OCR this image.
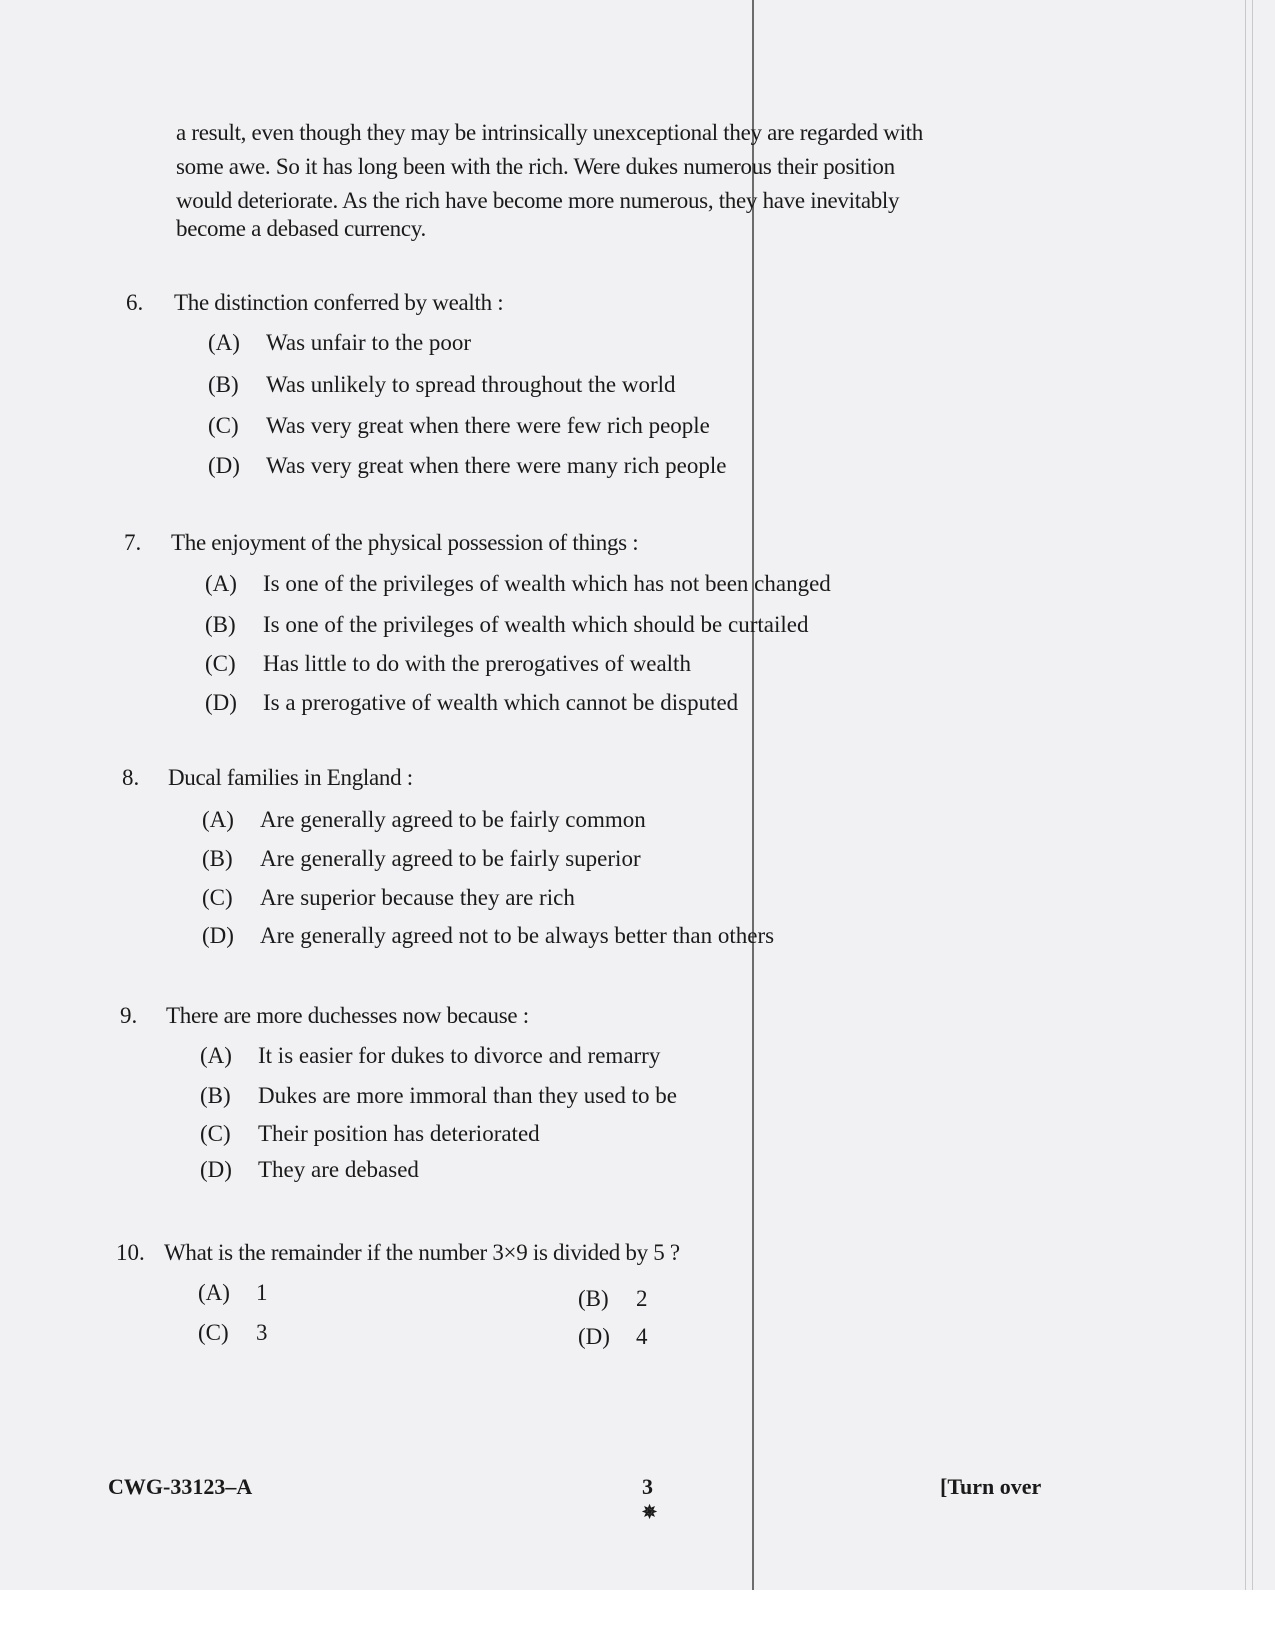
a result, even though they may be intrinsically unexceptional they are regarded with
some awe. So it has long been with the rich. Were dukes numerous their position
would deteriorate. As the rich have become more numerous, they have inevitably
become a debased currency.
6. The distinction conferred by wealth :
(A) Was unfair to the poor
(B) Was unlikely to spread throughout the world
(C) Was very great when there were few rich people
(D) Was very great when there were many rich people
7. The enjoyment of the physical possession of things :
(A) Is one of the privileges of wealth which has not been changed
(B) Is one of the privileges of wealth which should be curtailed
(C) Has little to do with the prerogatives of wealth
(D) Is a prerogative of wealth which cannot be disputed
8. Ducal families in England :
(A) Are generally agreed to be fairly common
(B) Are generally agreed to be fairly superior
(C) Are superior because they are rich
(D) Are generally agreed not to be always better than others
9. There are more duchesses now because :
(A) It is easier for dukes to divorce and remarry
(B) Dukes are more immoral than they used to be
(C) Their position has deteriorated
(D) They are debased
10. What is the remainder if the number 3×9 is divided by 5 ?
(A) 1	(B) 2
(C) 3	(D) 4
CWG-33123–A	3
✵
[Turn over
